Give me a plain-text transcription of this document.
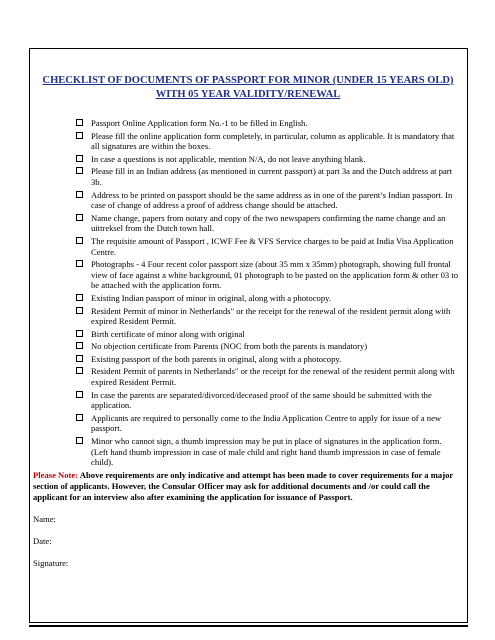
CHECKLIST OF DOCUMENTS OF PASSPORT FOR MINOR (UNDER 15 YEARS OLD) WITH 05 YEAR VALIDITY/RENEWAL
Passport Online Application form No.-1 to be filled in English.
Please fill the online application form completely, in particular, column as applicable. It is mandatory that all signatures are within the boxes.
In case a questions is not applicable, mention N/A, do not leave anything blank.
Please fill in an Indian address (as mentioned in current passport) at part 3a and the Dutch address at part 3b.
Address to be printed on passport should be the same address as in one of the parent’s Indian passport. In case of change of address a proof of address change should be attached.
Name change, papers from notary and copy of the two newspapers confirming the name change and an uittreksel from the Dutch town hall.
The requisite amount of Passport , ICWF Fee & VFS Service charges to be paid at India Visa Application Centre.
Photographs - 4 Four recent color passport size (about 35 mm x 35mm) photograph, showing full frontal view of face against a white background, 01 photograph to be pasted on the application form & other 03 to be attached with the application form.
Existing Indian passport of minor in original, along with a photocopy.
Resident Permit of minor in Netherlands" or the receipt for the renewal of the resident permit along with expired Resident Permit.
Birth certificate of minor along with original
No objection certificate from Parents (NOC from both the parents is mandatory)
Existing passport of the both parents in original, along with a photocopy.
Resident Permit of parents in Netherlands" or the receipt for the renewal of the resident permit along with expired Resident Permit.
In case the parents are separated/divorced/deceased proof of the same should be submitted with the application.
Applicants are required to personally come to the India Application Centre to apply for issue of a new passport.
Minor who cannot sign, a thumb impression may be put in place of signatures in the application form. (Left hand thumb impression in case of male child and right hand thumb impression in case of female child).
Please Note: Above requirements are only indicative and attempt has been made to cover requirements for a major section of applicants. However, the Consular Officer may ask for additional documents and /or could call the applicant for an interview also after examining the application for issuance of Passport.
Name:
Date:
Signature:
